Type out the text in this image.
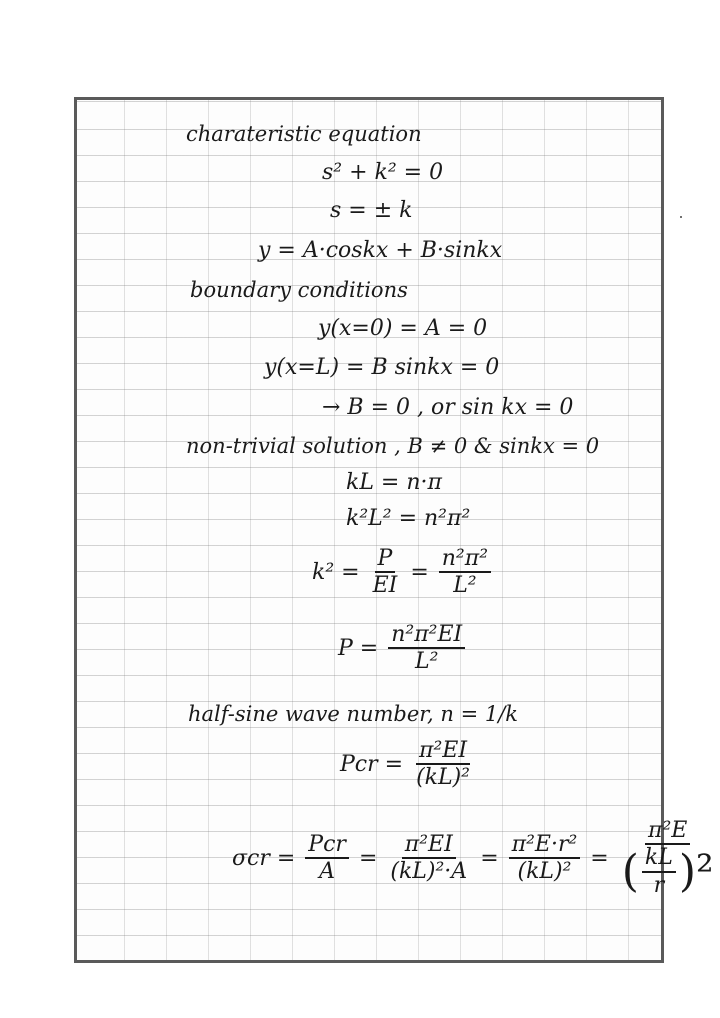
charateristic equation
s² + k² = 0
s = ± k
y = A·coskx + B·sinkx
boundary conditions
y(x=0) = A = 0
y(x=L) = B sinkx = 0
→ B = 0 , or sin kx = 0
non-trivial solution , B ≠ 0 & sinkx = 0
kL = n·π
k²L² = n²π²
$k^2 = \frac{P}{EI} = \frac{\text{n²π²}}{\text{L²}}$
$P = \frac{\text{n²π²EI}}{\text{L²}}$
half-sine wave number, n = 1/k
Pcr = $\frac{\text{π²EI}}{\text{(kL)²}}$
$\sigma cr = \frac{\text{Pcr}}{A} = \frac{\text{π²EI}}{\text{(kL)²·A}} = \frac{\text{π²E·r²}}{\text{(kL)²}} = \frac{\text{π²E}}{( \frac{kL}{r} )^2}$
